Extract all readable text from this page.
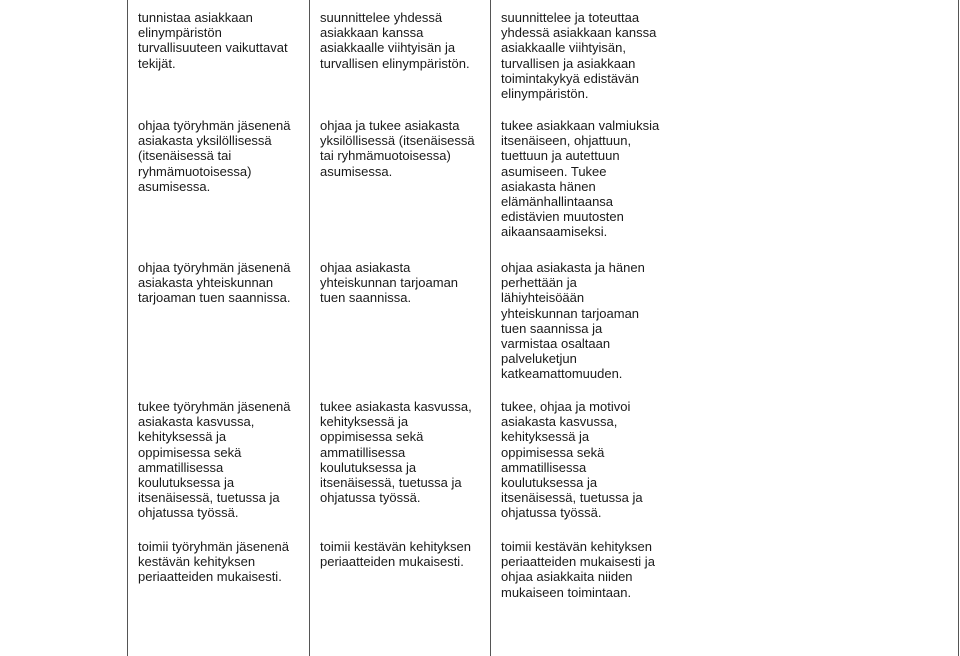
tunnistaa asiakkaan
elinympäristön
turvallisuuteen vaikuttavat
tekijät.
suunnittelee yhdessä
asiakkaan kanssa
asiakkaalle viihtyisän ja
turvallisen elinympäristön.
suunnittelee ja toteuttaa
yhdessä asiakkaan kanssa
asiakkaalle viihtyisän,
turvallisen ja asiakkaan
toimintakykyä edistävän
elinympäristön.
ohjaa työryhmän jäsenenä
asiakasta yksilöllisessä
(itsenäisessä tai
ryhmämuotoisessa)
asumisessa.
ohjaa ja tukee asiakasta
yksilöllisessä (itsenäisessä
tai ryhmämuotoisessa)
asumisessa.
tukee asiakkaan valmiuksia
itsenäiseen, ohjattuun,
tuettuun ja autettuun
asumiseen. Tukee
asiakasta hänen
elämänhallintaansa
edistävien muutosten
aikaansaamiseksi.
ohjaa työryhmän jäsenenä
asiakasta yhteiskunnan
tarjoaman tuen saannissa.
ohjaa asiakasta
yhteiskunnan tarjoaman
tuen saannissa.
ohjaa asiakasta ja hänen
perhettään ja
lähiyhteisöään
yhteiskunnan tarjoaman
tuen saannissa ja
varmistaa osaltaan
palveluketjun
katkeamattomuuden.
tukee työryhmän jäsenenä
asiakasta kasvussa,
kehityksessä ja
oppimisessa sekä
ammatillisessa
koulutuksessa ja
itsenäisessä, tuetussa ja
ohjatussa työssä.
tukee asiakasta kasvussa,
kehityksessä ja
oppimisessa sekä
ammatillisessa
koulutuksessa ja
itsenäisessä, tuetussa ja
ohjatussa työssä.
tukee, ohjaa ja motivoi
asiakasta kasvussa,
kehityksessä ja
oppimisessa sekä
ammatillisessa
koulutuksessa ja
itsenäisessä, tuetussa ja
ohjatussa työssä.
toimii työryhmän jäsenenä
kestävän kehityksen
periaatteiden mukaisesti.
toimii kestävän kehityksen
periaatteiden mukaisesti.
toimii kestävän kehityksen
periaatteiden mukaisesti ja
ohjaa asiakkaita niiden
mukaiseen toimintaan.
